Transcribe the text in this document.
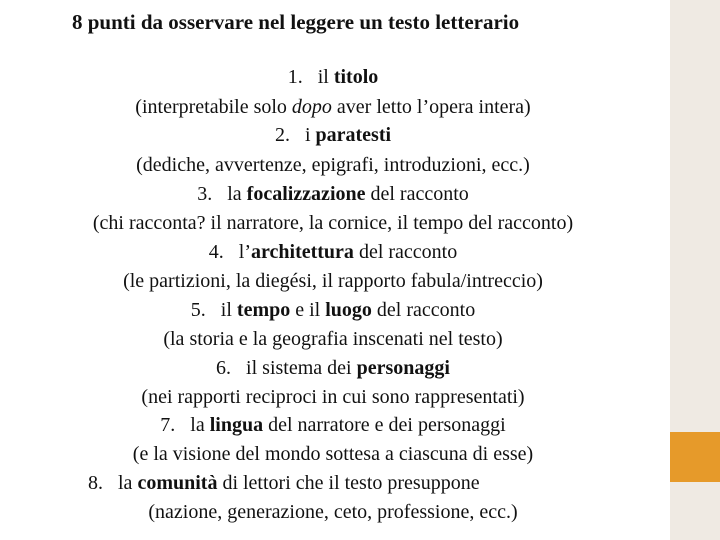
8 punti da osservare nel leggere un testo letterario
1. il titolo
(interpretabile solo dopo aver letto l’opera intera)
2. i paratesti
(dediche, avvertenze, epigrafi, introduzioni, ecc.)
3. la focalizzazione del racconto
(chi racconta? il narratore, la cornice, il tempo del racconto)
4. l’architettura del racconto
(le partizioni, la diegési, il rapporto fabula/intreccio)
5. il tempo e il luogo del racconto
(la storia e la geografia inscenati nel testo)
6. il sistema dei personaggi
(nei rapporti reciproci in cui sono rappresentati)
7. la lingua del narratore e dei personaggi
(e la visione del mondo sottesa a ciascuna di esse)
8. la comunità di lettori che il testo presuppone
(nazione, generazione, ceto, professione, ecc.)
